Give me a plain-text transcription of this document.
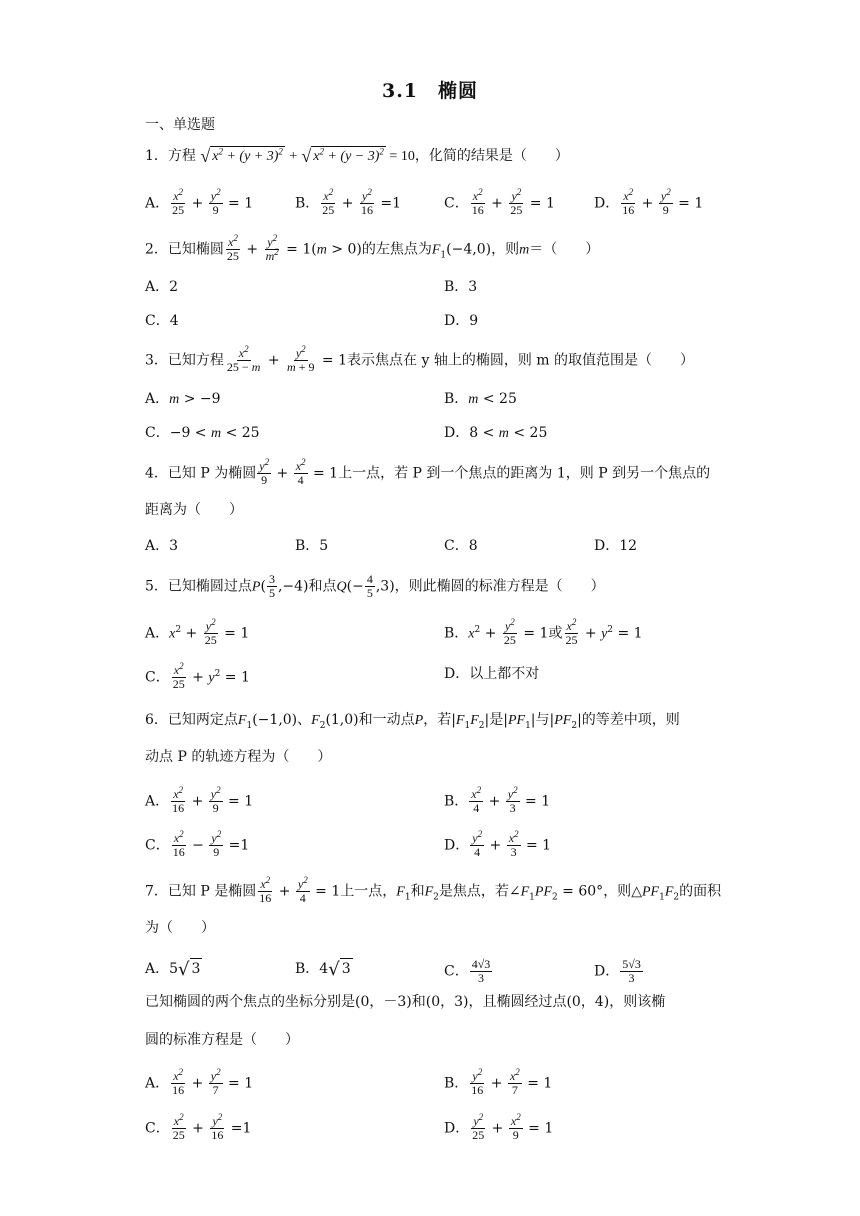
3.1　椭圆
一、单选题
1．方程 √ $x^2 + (y + 3)^2$ + √ $x^2 + (y - 3)^2 = 10$，化简的结果是（　　）
A． $\frac{x^2}{25} + \frac{y^2}{9} = 1$	B． $\frac{x^2}{25} + \frac{y^2}{16} =1$	C． $\frac{x^2}{16} + \frac{y^2}{25} = 1$	D． $\frac{x^2}{16} + \frac{y^2}{9} = 1$
2．已知椭圆 $\frac{x^2}{25} + \frac{y^2}{m^2} = 1(m > 0)$的左焦点为$F_1(-4,0)$，则m＝（　　）
A．2	B．3
C．4	D．9
3．已知方程 $\frac{x^2}{25 - m} + \frac{y^2}{m + 9} = 1$表示焦点在 y 轴上的椭圆，则 m 的取值范围是（　　）
A．m > −9	B．m < 25
C．−9 < m < 25	D．8 < m < 25
4．已知 P 为椭圆 $\frac{y^2}{9} + \frac{x^2}{4} = 1$上一点，若 P 到一个焦点的距离为 1，则 P 到另一个焦点的
距离为（　　）
A．3	B．5	C．8	D．12
5．已知椭圆过点$P( \frac{3}{5} ,-4)$和点$Q(- \frac{4}{5} ,3)$，则此椭圆的标准方程是（　　）
A．$x^2 + \frac{y^2}{25} = 1$	B．$x^2 + \frac{y^2}{25} = 1$或 $\frac{x^2}{25} + y^2 = 1$
C． $\frac{x^2}{25} + y^2 = 1$	D．以上都不对
6．已知两定点$F_1(-1,0)$、$F_2(1,0)$和一动点P，若$|F_1F_2|$是$|PF_1|$与$|PF_2|$的等差中项，则
动点 P 的轨迹方程为（　　）
A． $\frac{x^2}{16} + \frac{y^2}{9} = 1$	B． $\frac{x^2}{4} + \frac{y^2}{3} = 1$
C． $\frac{x^2}{16} - \frac{y^2}{9} =1$	D． $\frac{y^2}{4} + \frac{x^2}{3} = 1$
7．已知 P 是椭圆 $\frac{x^2}{16} + \frac{y^2}{4} = 1$上一点，$F_1$和$F_2$是焦点，若$\angle F_1PF_2 = 60^\circ$，则$\triangle PF_1F_2$的面积
为（　　）
A．5√ 3	B．4√ 3	C． $\frac{4√3}{3}$	D． $\frac{5√3}{3}$
已知椭圆的两个焦点的坐标分别是(0，－3)和(0，3)，且椭圆经过点(0，4)，则该椭
圆的标准方程是（　　）
A． $\frac{x^2}{16} + \frac{y^2}{7} = 1$	B． $\frac{y^2}{16} + \frac{x^2}{7} = 1$
C． $\frac{x^2}{25} + \frac{y^2}{16} =1$	D． $\frac{y^2}{25} + \frac{x^2}{9} = 1$
